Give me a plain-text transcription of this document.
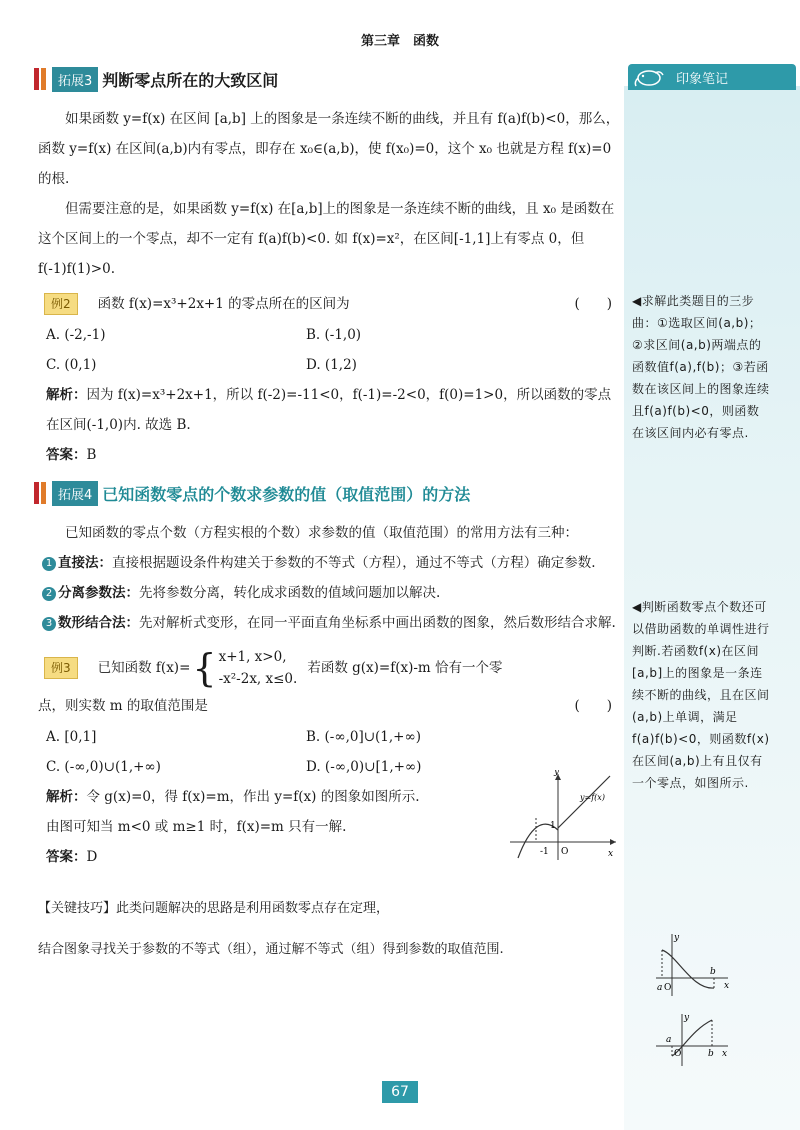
第三章　函数
印象笔记
◀求解此类题目的三步曲：①选取区间(a,b)；②求区间(a,b)两端点的函数值f(a),f(b)；③若函数在该区间上的图象连续且f(a)f(b)<0，则函数在该区间内必有零点.
◀判断函数零点个数还可以借助函数的单调性进行判断.若函数f(x)在区间[a,b]上的图象是一条连续不断的曲线，且在区间(a,b)上单调，满足f(a)f(b)<0，则函数f(x)在区间(a,b)上有且仅有一个零点，如图所示.
a O
b
x
y
a
O	b x
y
拓展3 判断零点所在的大致区间

如果函数 y=f(x) 在区间 [a,b] 上的图象是一条连续不断的曲线，并且有 f(a)f(b)<0，那么，函数 y=f(x) 在区间(a,b)内有零点，即存在 x₀∈(a,b)，使 f(x₀)=0，这个 x₀ 也就是方程 f(x)=0 的根.

但需要注意的是，如果函数 y=f(x) 在[a,b]上的图象是一条连续不断的曲线，且 x₀ 是函数在这个区间上的一个零点，却不一定有 f(a)f(b)<0. 如 f(x)=x²，在区间[-1,1]上有零点 0，但 f(-1)f(1)>0.

例2	函数 f(x)=x³+2x+1 的零点所在的区间为	(　　)
A. (-2,-1)	B. (-1,0)
C. (0,1)	D. (1,2)

解析：因为 f(x)=x³+2x+1，所以 f(-2)=-11<0，f(-1)=-2<0，f(0)=1>0，所以函数的零点在区间(-1,0)内. 故选 B.

答案：B

拓展4 已知函数零点的个数求参数的值（取值范围）的方法

已知函数的零点个数（方程实根的个数）求参数的值（取值范围）的常用方法有三种：

1 直接法：直接根据题设条件构建关于参数的不等式（方程），通过不等式（方程）确定参数.

2 分离参数法：先将参数分离，转化成求函数的值域问题加以解决.

3 数形结合法：先对解析式变形，在同一平面直角坐标系中画出函数的图象，然后数形结合求解.

例3	已知函数 f(x)= { x+1, x>0,
-x²-2x, x≤0.
若函数 g(x)=f(x)-m 恰有一个零
点，则实数 m 的取值范围是	(　　)
A. [0,1]	B. (-∞,0]∪(1,+∞)
C. (-∞,0)∪(1,+∞)	D. (-∞,0)∪[1,+∞)

解析：令 g(x)=0，得 f(x)=m，作出 y=f(x) 的图象如图所示.

由图可知当 m<0 或 m≥1 时，f(x)=m 只有一解.

答案：D

y
x
O
1
-1
y=f(x)

【关键技巧】此类问题解决的思路是利用函数零点存在定理，

结合图象寻找关于参数的不等式（组），通过解不等式（组）得到参数的取值范围.

67
